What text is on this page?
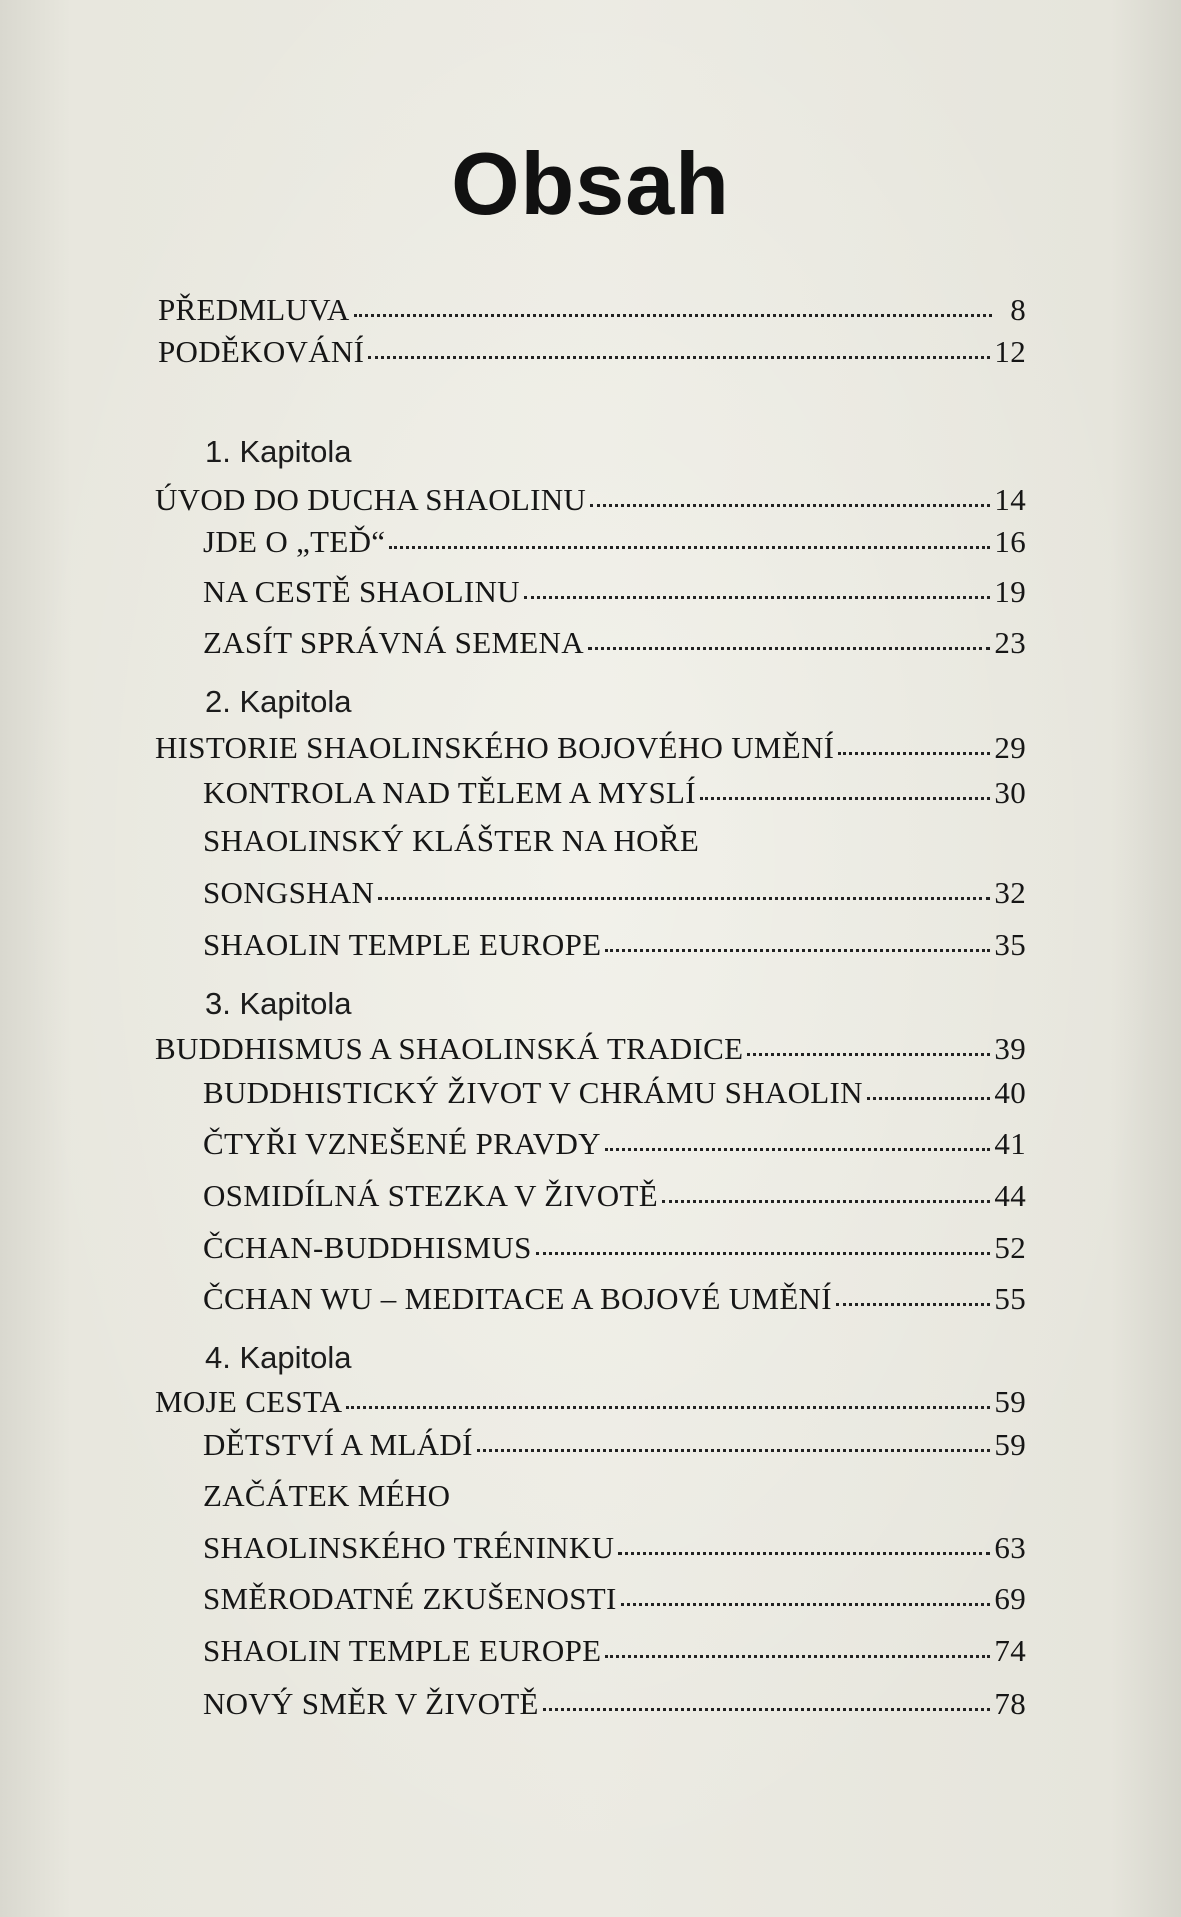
Obsah
PŘEDMLUVA	8
PODĚKOVÁNÍ	12
1. Kapitola
ÚVOD DO DUCHA SHAOLINU	14
JDE O „TEĎ“	16
NA CESTĚ SHAOLINU	19
ZASÍT SPRÁVNÁ SEMENA	23
2. Kapitola
HISTORIE SHAOLINSKÉHO BOJOVÉHO UMĚNÍ	29
KONTROLA NAD TĚLEM A MYSLÍ	30
SHAOLINSKÝ KLÁŠTER NA HOŘE
SONGSHAN	32
SHAOLIN TEMPLE EUROPE	35
3. Kapitola
BUDDHISMUS A SHAOLINSKÁ TRADICE	39
BUDDHISTICKÝ ŽIVOT V CHRÁMU SHAOLIN	40
ČTYŘI VZNEŠENÉ PRAVDY	41
OSMIDÍLNÁ STEZKA V ŽIVOTĚ	44
ČCHAN-BUDDHISMUS	52
ČCHAN WU – MEDITACE A BOJOVÉ UMĚNÍ	55
4. Kapitola
MOJE CESTA	59
DĚTSTVÍ A MLÁDÍ	59
ZAČÁTEK MÉHO
SHAOLINSKÉHO TRÉNINKU	63
SMĚRODATNÉ ZKUŠENOSTI	69
SHAOLIN TEMPLE EUROPE	74
NOVÝ SMĚR V ŽIVOTĚ	78
